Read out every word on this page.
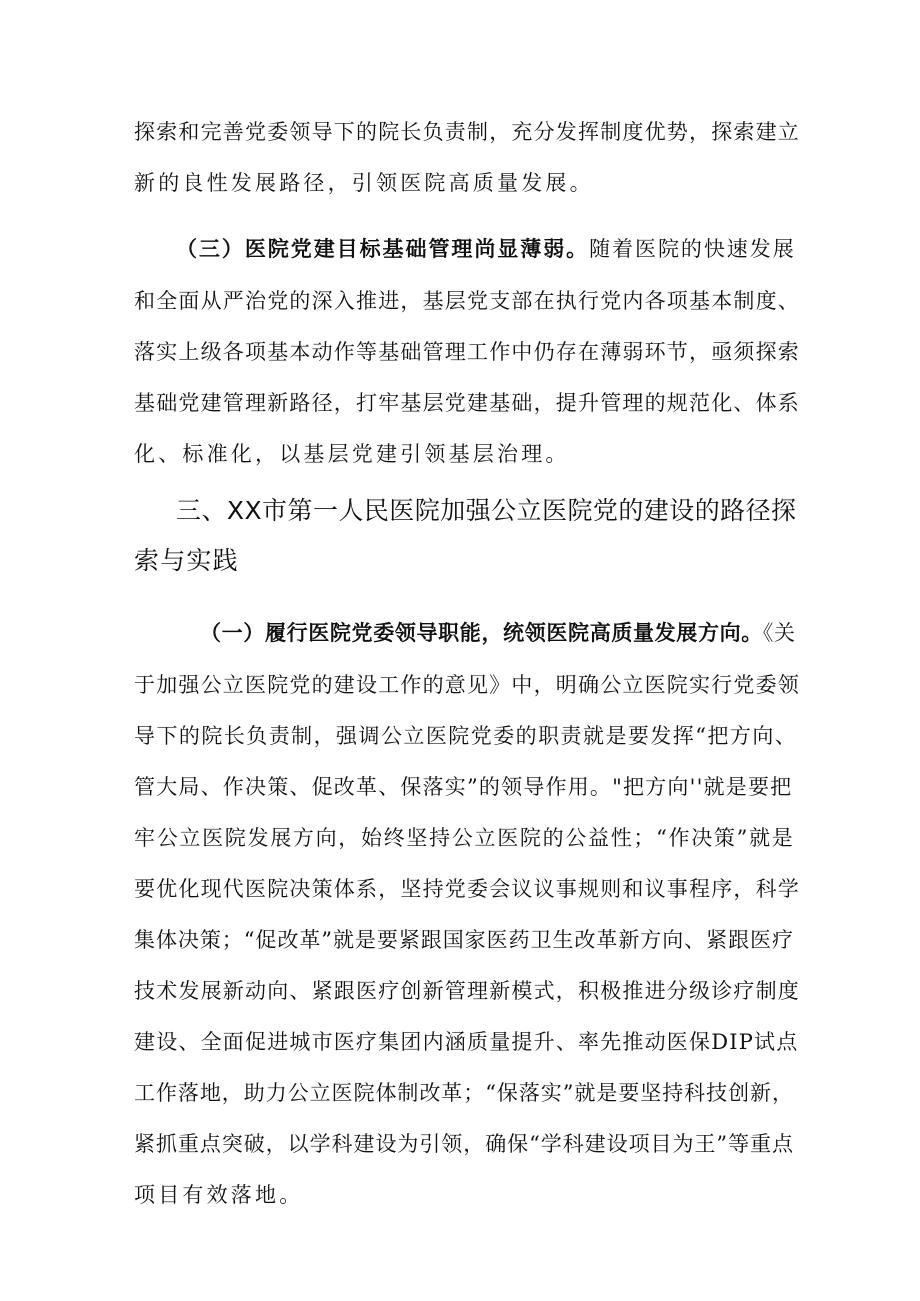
探索和完善党委领导下的院长负责制，充分发挥制度优势，探索建立
新的良性发展路径，引领医院高质量发展。
（三）医院党建目标基础管理尚显薄弱。随着医院的快速发展
和全面从严治党的深入推进，基层党支部在执行党内各项基本制度、
落实上级各项基本动作等基础管理工作中仍存在薄弱环节，亟须探索
基础党建管理新路径，打牢基层党建基础，提升管理的规范化、体系
化、标准化，以基层党建引领基层治理。
三、XX市第一人民医院加强公立医院党的建设的路径探
索与实践
（一）履行医院党委领导职能，统领医院高质量发展方向。《关
于加强公立医院党的建设工作的意见》中，明确公立医院实行党委领
导下的院长负责制，强调公立医院党委的职责就是要发挥“把方向、
管大局、作决策、促改革、保落实”的领导作用。"把方向''就是要把
牢公立医院发展方向，始终坚持公立医院的公益性；“作决策”就是
要优化现代医院决策体系，坚持党委会议议事规则和议事程序，科学
集体决策；“促改革”就是要紧跟国家医药卫生改革新方向、紧跟医疗
技术发展新动向、紧跟医疗创新管理新模式，积极推进分级诊疗制度
建设、全面促进城市医疗集团内涵质量提升、率先推动医保DIP试点
工作落地，助力公立医院体制改革；“保落实”就是要坚持科技创新，
紧抓重点突破，以学科建设为引领，确保“学科建设项目为王”等重点
项目有效落地。
